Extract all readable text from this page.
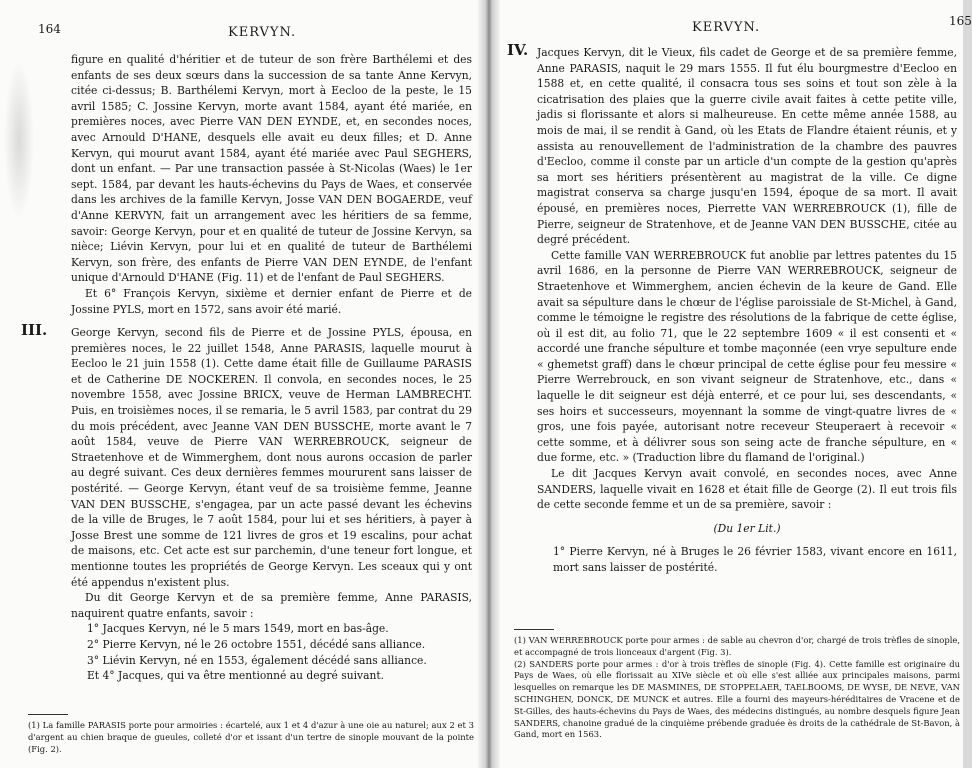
164	KERVYN.

figure en qualité d'héritier et de tuteur de son frère Barthélemi et des enfants de ses deux sœurs dans la succession de sa tante Anne Kervyn, citée ci-dessus; B. Barthélemi Kervyn, mort à Eecloo de la peste, le 15 avril 1585; C. Jossine Kervyn, morte avant 1584, ayant été mariée, en premières noces, avec Pierre VAN DEN EYNDE, et, en secondes noces, avec Arnould D'HANE, desquels elle avait eu deux filles; et D. Anne Kervyn, qui mourut avant 1584, ayant été mariée avec Paul SEGHERS, dont un enfant. — Par une transaction passée à St-Nicolas (Waes) le 1er sept. 1584, par devant les hauts-échevins du Pays de Waes, et conservée dans les archives de la famille Kervyn, Josse VAN DEN BOGAERDE, veuf d'Anne KERVYN, fait un arrangement avec les héritiers de sa femme, savoir: George Kervyn, pour et en qualité de tuteur de Jossine Kervyn, sa nièce; Liévin Kervyn, pour lui et en qualité de tuteur de Barthélemi Kervyn, son frère, des enfants de Pierre VAN DEN EYNDE, de l'enfant unique d'Arnould D'HANE (Fig. 11) et de l'enfant de Paul SEGHERS.

Et 6° François Kervyn, sixième et dernier enfant de Pierre et de Jossine PYLS, mort en 1572, sans avoir été marié.

III. George Kervyn, second fils de Pierre et de Jossine PYLS, épousa, en premières noces, le 22 juillet 1548, Anne PARASIS, laquelle mourut à Eecloo le 21 juin 1558 (1). Cette dame était fille de Guillaume PARASIS et de Catherine DE NOCKEREN. Il convola, en secondes noces, le 25 novembre 1558, avec Jossine BRICX, veuve de Herman LAMBRECHT. Puis, en troisièmes noces, il se remaria, le 5 avril 1583, par contrat du 29 du mois précédent, avec Jeanne VAN DEN BUSSCHE, morte avant le 7 août 1584, veuve de Pierre VAN WERREBROUCK, seigneur de Straetenhove et de Wimmerghem, dont nous aurons occasion de parler au degré suivant. Ces deux dernières femmes moururent sans laisser de postérité. — George Kervyn, étant veuf de sa troisième femme, Jeanne VAN DEN BUSSCHE, s'engagea, par un acte passé devant les échevins de la ville de Bruges, le 7 août 1584, pour lui et ses héritiers, à payer à Josse Brest une somme de 121 livres de gros et 19 escalins, pour achat de maisons, etc. Cet acte est sur parchemin, d'une teneur fort longue, et mentionne toutes les propriétés de George Kervyn. Les sceaux qui y ont été appendus n'existent plus.

Du dit George Kervyn et de sa première femme, Anne PARASIS, naquirent quatre enfants, savoir :

1° Jacques Kervyn, né le 5 mars 1549, mort en bas-âge.

2° Pierre Kervyn, né le 26 octobre 1551, décédé sans alliance.

3° Liévin Kervyn, né en 1553, également décédé sans alliance.

Et 4° Jacques, qui va être mentionné au degré suivant.

(1) La famille PARASIS porte pour armoiries : écartelé, aux 1 et 4 d'azur à une oie au naturel; aux 2 et 3 d'argent au chien braque de gueules, colleté d'or et issant d'un tertre de sinople mouvant de la pointe (Fig. 2).
165
KERVYN.

IV. Jacques Kervyn, dit le Vieux, fils cadet de George et de sa première femme, Anne PARASIS, naquit le 29 mars 1555. Il fut élu bourgmestre d'Eecloo en 1588 et, en cette qualité, il consacra tous ses soins et tout son zèle à la cicatrisation des plaies que la guerre civile avait faites à cette petite ville, jadis si florissante et alors si malheureuse. En cette même année 1588, au mois de mai, il se rendit à Gand, où les Etats de Flandre étaient réunis, et y assista au renouvellement de l'administration de la chambre des pauvres d'Eecloo, comme il conste par un article d'un compte de la gestion qu'après sa mort ses héritiers présentèrent au magistrat de la ville. Ce digne magistrat conserva sa charge jusqu'en 1594, époque de sa mort. Il avait épousé, en premières noces, Pierrette VAN WERREBROUCK (1), fille de Pierre, seigneur de Stratenhove, et de Jeanne VAN DEN BUSSCHE, citée au degré précédent.

Cette famille VAN WERREBROUCK fut anoblie par lettres patentes du 15 avril 1686, en la personne de Pierre VAN WERREBROUCK, seigneur de Straetenhove et Wimmerghem, ancien échevin de la keure de Gand. Elle avait sa sépulture dans le chœur de l'église paroissiale de St-Michel, à Gand, comme le témoigne le registre des résolutions de la fabrique de cette église, où il est dit, au folio 71, que le 22 septembre 1609 « il est consenti et « accordé une franche sépulture et tombe maçonnée (een vrye sepulture ende « ghemetst graff) dans le chœur principal de cette église pour feu messire « Pierre Werrebrouck, en son vivant seigneur de Stratenhove, etc., dans « laquelle le dit seigneur est déjà enterré, et ce pour lui, ses descendants, « ses hoirs et successeurs, moyennant la somme de vingt-quatre livres de « gros, une fois payée, autorisant notre receveur Steuperaert à recevoir « cette somme, et à délivrer sous son seing acte de franche sépulture, en « due forme, etc. » (Traduction libre du flamand de l'original.)

Le dit Jacques Kervyn avait convolé, en secondes noces, avec Anne SANDERS, laquelle vivait en 1628 et était fille de George (2). Il eut trois fils de cette seconde femme et un de sa première, savoir :

(Du 1er Lit.)

1° Pierre Kervyn, né à Bruges le 26 février 1583, vivant encore en 1611, mort sans laisser de postérité.

(1) VAN WERREBROUCK porte pour armes : de sable au chevron d'or, chargé de trois trèfles de sinople, et accompagné de trois lionceaux d'argent (Fig. 3).

(2) SANDERS porte pour armes : d'or à trois trèfles de sinople (Fig. 4). Cette famille est originaire du Pays de Waes, où elle florissait au XIVe siècle et où elle s'est alliée aux principales maisons, parmi lesquelles on remarque les DE MASMINES, DE STOPPELAER, TAELBOOMS, DE WYSE, DE NEVE, VAN SCHINGHEN, DONCK, DE MUNCK et autres. Elle a fourni des mayeurs-héréditaires de Vracene et de St-Gilles, des hauts-échevins du Pays de Waes, des médecins distingués, au nombre desquels figure Jean SANDERS, chanoine gradué de la cinquième prébende graduée ès droits de la cathédrale de St-Bavon, à Gand, mort en 1563.
